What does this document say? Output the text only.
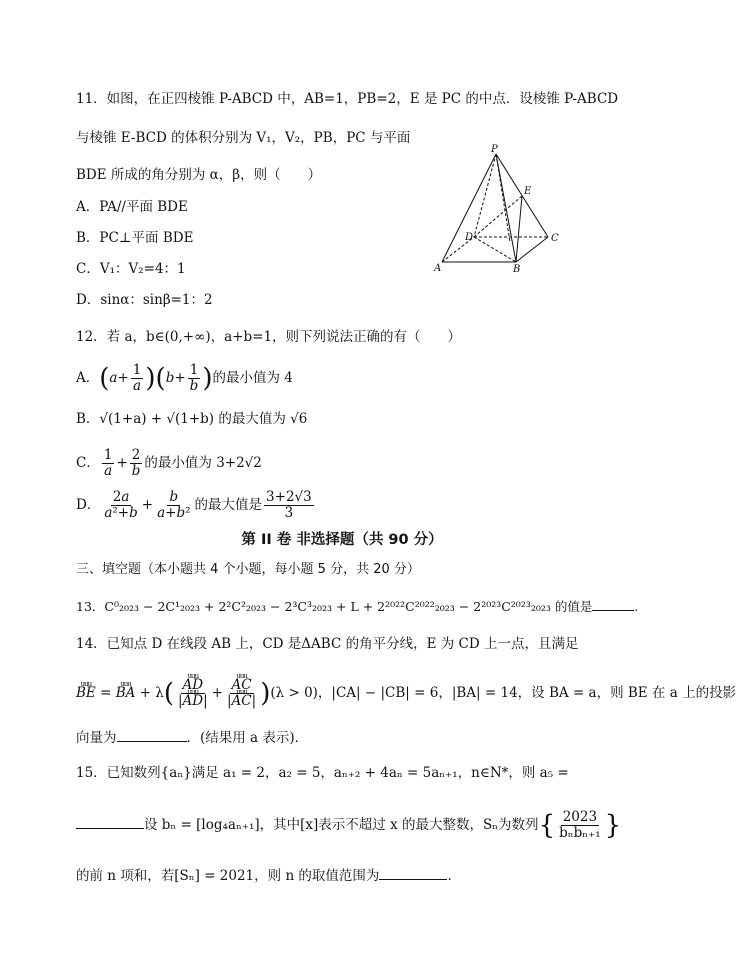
11．如图，在正四棱锥 P-ABCD 中，AB=1，PB=2，E 是 PC 的中点．设棱锥 P-ABCD
与棱锥 E-BCD 的体积分别为 V₁，V₂，PB，PC 与平面
BDE 所成的角分别为 α，β，则（　　）
A．PA//平面 BDE
B．PC⊥平面 BDE
C．V₁：V₂=4：1
D．sinα：sinβ=1：2
P
E
D	C
A	B
12．若 a，b∈(0,+∞)，a+b=1，则下列说法正确的有（　　）
A．$(a+ \frac{1}{a} )(b+ \frac{1}{b}$ )的最小值为 4
B．√(1+a) + √(1+b) 的最大值为 √6
C． $\frac{1}{a} + \frac{2}{b}$ 的最小值为 3+2√2
D． $\frac{2a}{\text{a²+b}} + \frac{b}{\text{a+b²}}$ 的最大值是 $\frac{3+2√3}{3}$
第 II 卷 非选择题（共 90 分）
三、填空题（本小题共 4 个小题，每小题 5 分，共 20 分）
13．C⁰₂₀₂₃ − 2C¹₂₀₂₃ + 2²C²₂₀₂₃ − 2³C³₂₀₂₃ + L + 2²⁰²²C²⁰²²₂₀₂₃ − 2²⁰²³C²⁰²³₂₀₂₃ 的值是	.
14．已知点 D 在线段 AB 上，CD 是ΔABC 的角平分线，E 为 CD 上一点，且满足
uuu BE = uuu BA + λ( uuu $\frac{AD}{\text{|uuu AD|}}$ + uuu $\frac{AC}{\text{|uuu AC|}} )(\lambda > 0)$，|CA| − |CB| = 6，|BA| = 14，设 BA = a，则 BE 在 a 上的投影
向量为	．(结果用 a 表示)．
15．已知数列{aₙ}满足 a₁ = 2，a₂ = 5，aₙ₊₂ + 4aₙ = 5aₙ₊₁，n∈N*，则 a₅ =
设 bₙ = [log₄aₙ₊₁]，其中[x]表示不超过 x 的最大整数，Sₙ为数列{ $\frac{2023}{\text{bₙbₙ₊₁}}$ }
的前 n 项和，若[Sₙ] = 2021，则 n 的取值范围为	.
